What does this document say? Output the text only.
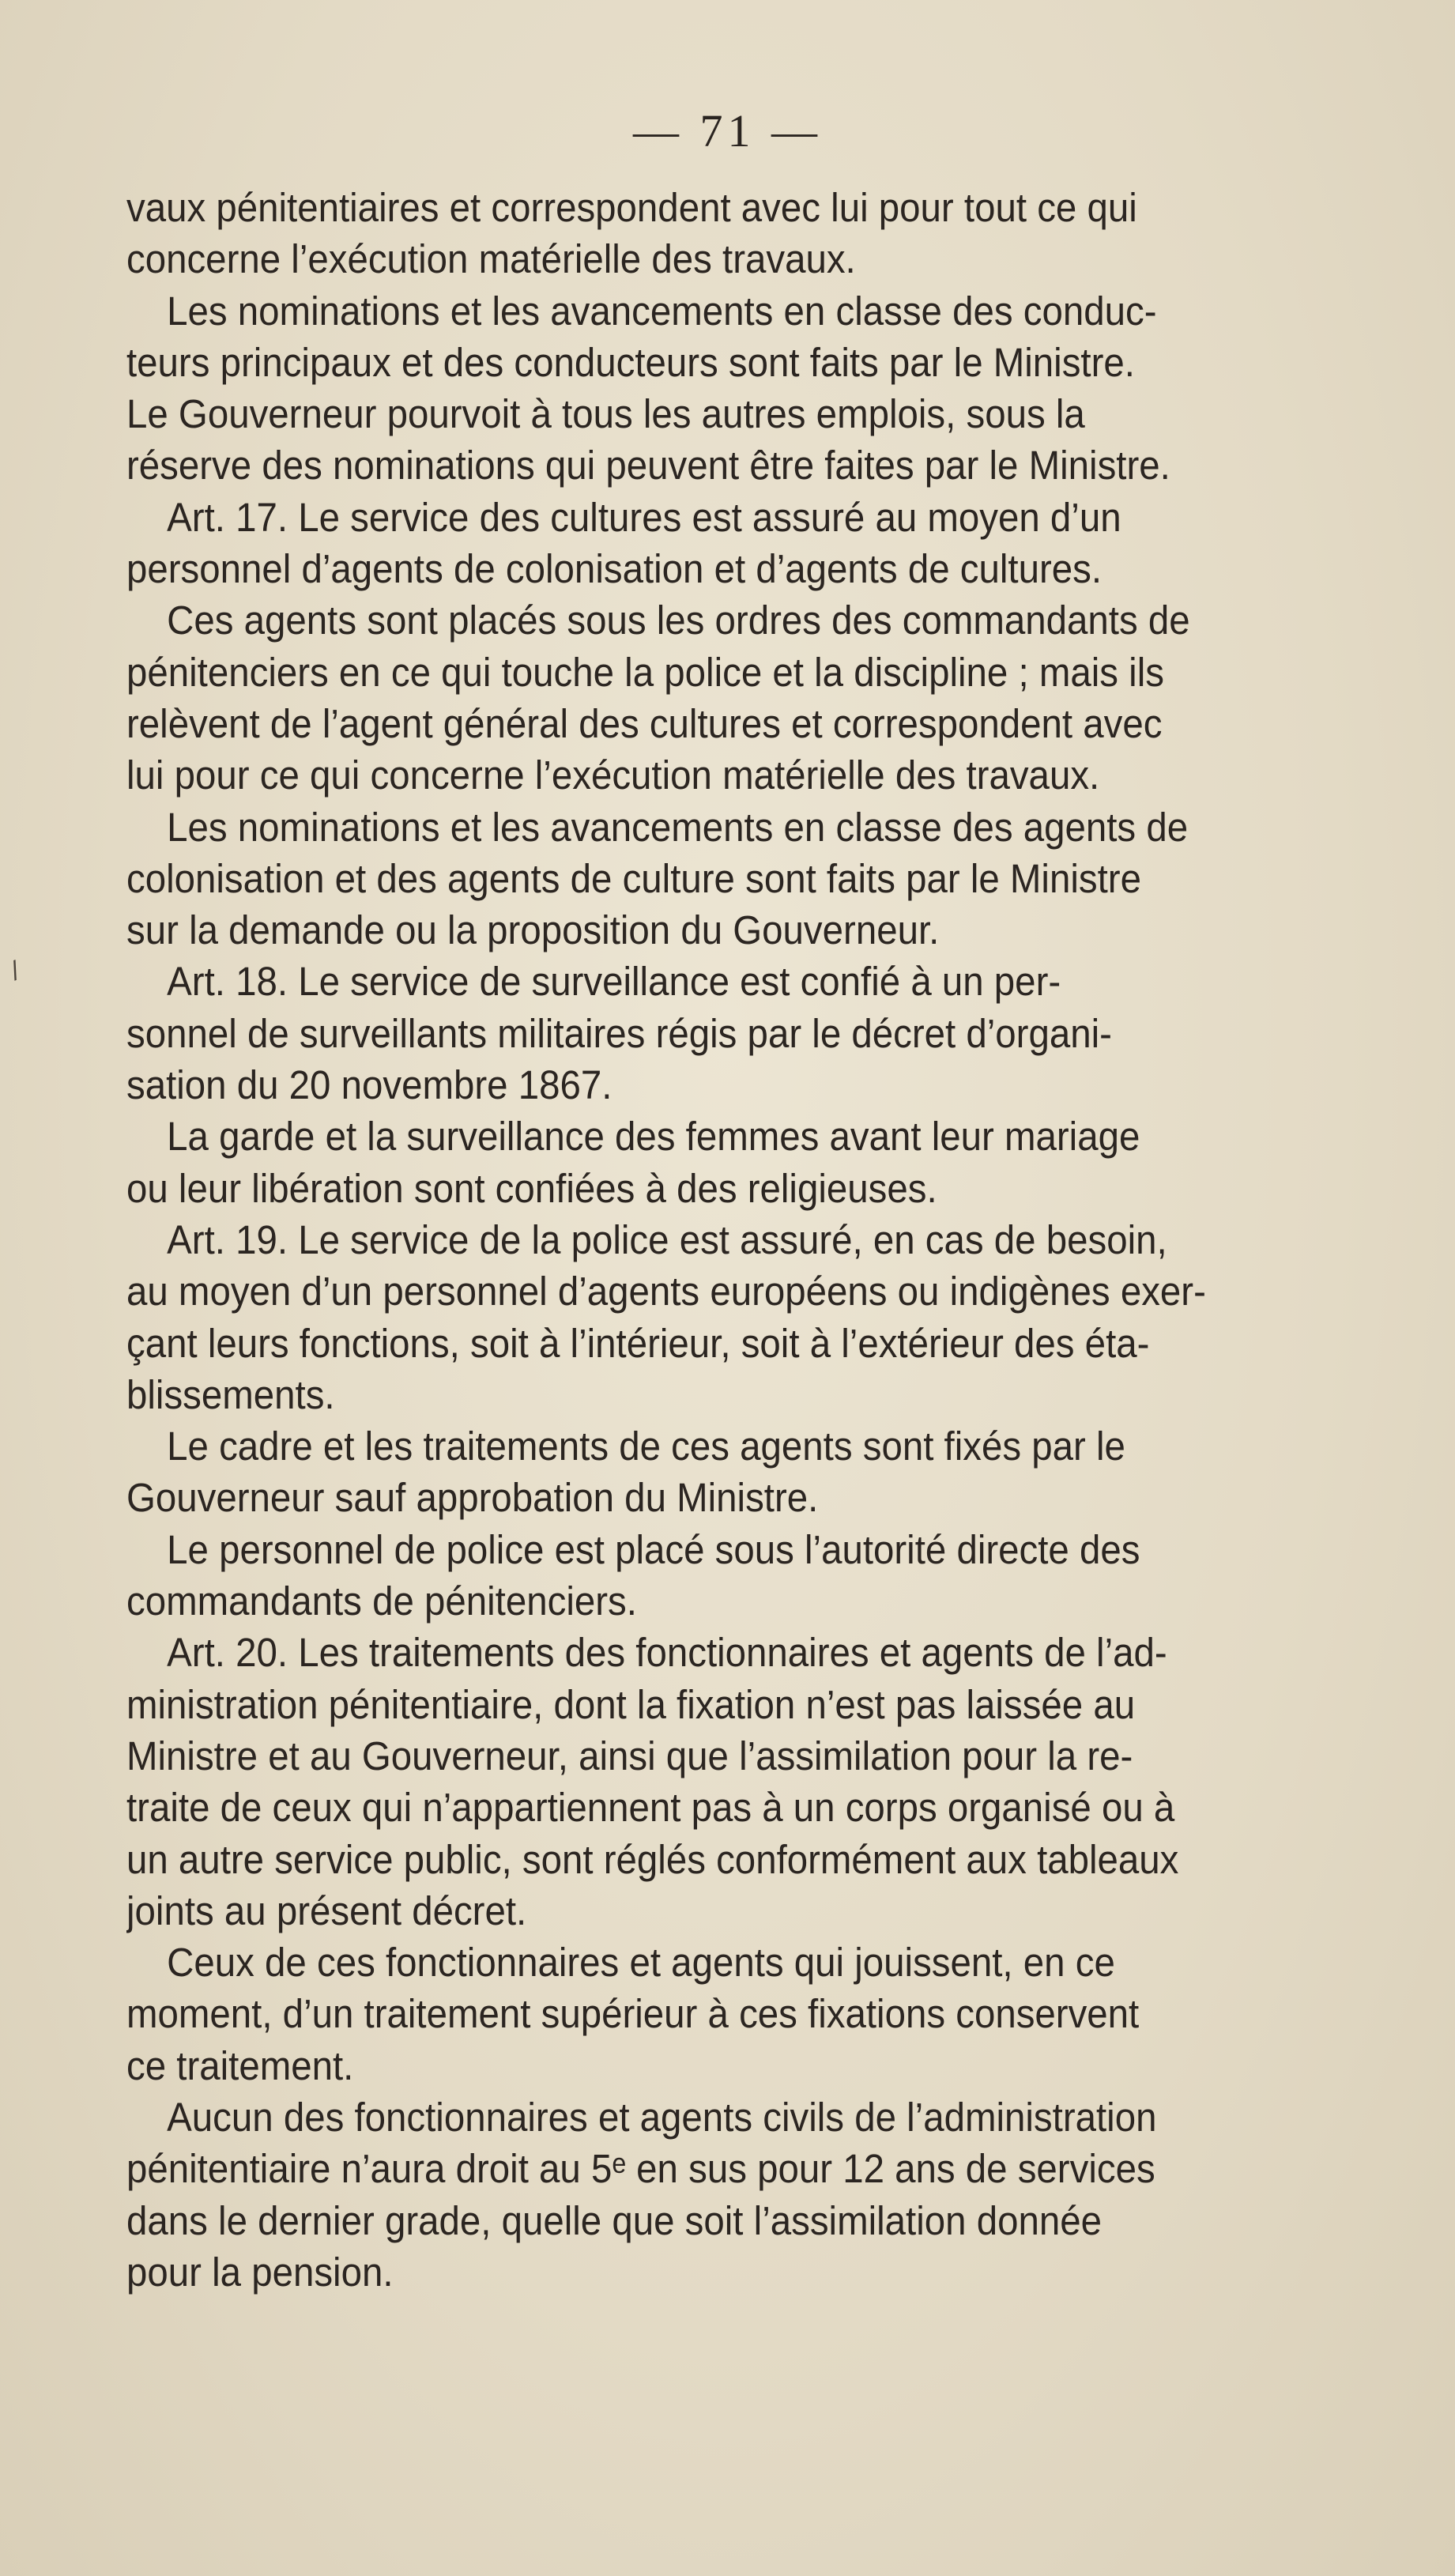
— 71 —
/
vaux pénitentiaires et correspondent avec lui pour tout ce qui
concerne l’exécution matérielle des travaux.
Les nominations et les avancements en classe des conduc-
teurs principaux et des conducteurs sont faits par le Ministre.
Le Gouverneur pourvoit à tous les autres emplois, sous la
réserve des nominations qui peuvent être faites par le Ministre.
Art. 17. Le service des cultures est assuré au moyen d’un
personnel d’agents de colonisation et d’agents de cultures.
Ces agents sont placés sous les ordres des commandants de
pénitenciers en ce qui touche la police et la discipline ; mais ils
relèvent de l’agent général des cultures et correspondent avec
lui pour ce qui concerne l’exécution matérielle des travaux.
Les nominations et les avancements en classe des agents de
colonisation et des agents de culture sont faits par le Ministre
sur la demande ou la proposition du Gouverneur.
Art. 18. Le service de surveillance est confié à un per-
sonnel de surveillants militaires régis par le décret d’organi-
sation du 20 novembre 1867.
La garde et la surveillance des femmes avant leur mariage
ou leur libération sont confiées à des religieuses.
Art. 19. Le service de la police est assuré, en cas de besoin,
au moyen d’un personnel d’agents européens ou indigènes exer-
çant leurs fonctions, soit à l’intérieur, soit à l’extérieur des éta-
blissements.
Le cadre et les traitements de ces agents sont fixés par le
Gouverneur sauf approbation du Ministre.
Le personnel de police est placé sous l’autorité directe des
commandants de pénitenciers.
Art. 20. Les traitements des fonctionnaires et agents de l’ad-
ministration pénitentiaire, dont la fixation n’est pas laissée au
Ministre et au Gouverneur, ainsi que l’assimilation pour la re-
traite de ceux qui n’appartiennent pas à un corps organisé ou à
un autre service public, sont réglés conformément aux tableaux
joints au présent décret.
Ceux de ces fonctionnaires et agents qui jouissent, en ce
moment, d’un traitement supérieur à ces fixations conservent
ce traitement.
Aucun des fonctionnaires et agents civils de l’administration
pénitentiaire n’aura droit au 5ᵉ en sus pour 12 ans de services
dans le dernier grade, quelle que soit l’assimilation donnée
pour la pension.
